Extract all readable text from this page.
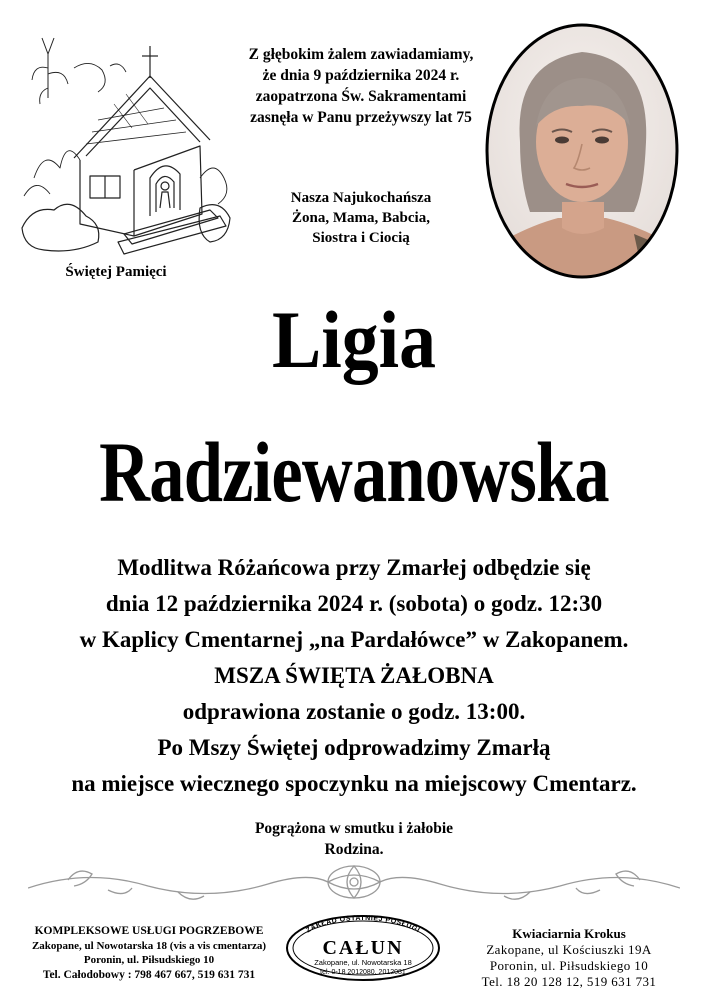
Z głębokim żalem zawiadamiamy,
że dnia 9 października 2024 r.
zaopatrzona Św. Sakramentami
zasnęła w Panu przeżywszy lat 75
Nasza Najukochańsza
Żona, Mama, Babcia,
Siostra i Ciocią
Świętej Pamięci
Ligia
Radziewanowska
Modlitwa Różańcowa przy Zmarłej odbędzie się
dnia 12 października 2024 r. (sobota) o godz. 12:30
w Kaplicy Cmentarnej „na Pardałówce” w Zakopanem.
MSZA ŚWIĘTA ŻAŁOBNA
odprawiona zostanie o godz. 13:00.
Po Mszy Świętej odprowadzimy Zmarłą
na miejsce wiecznego spoczynku na miejscowy Cmentarz.
Pogrążona w smutku i żałobie
Rodzina.
KOMPLEKSOWE USŁUGI POGRZEBOWE
Zakopane, ul Nowotarska 18 (vis a vis cmentarza)
Poronin, ul. Piłsudskiego 10
Tel. Całodobowy : 798 467 667, 519 631 731
ZAKŁAD OSTATNIEJ POSŁUGI
CAŁUN
Zakopane, ul. Nowotarska 18
tel. 0-18 2012080, 2012081
Kwiaciarnia Krokus
Zakopane, ul Kościuszki 19A
Poronin, ul. Piłsudskiego 10
Tel. 18 20 128 12, 519 631 731
